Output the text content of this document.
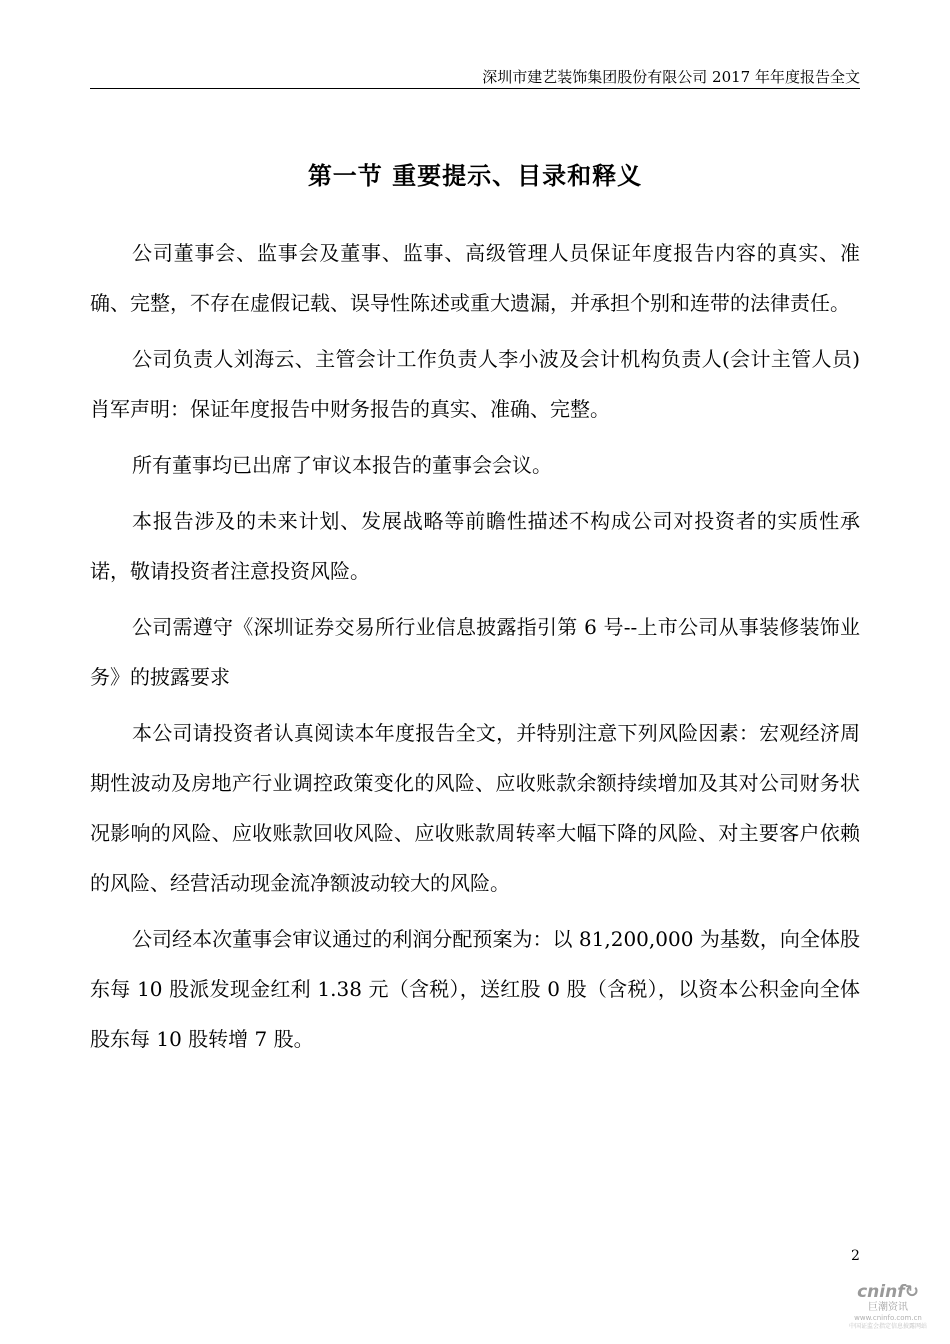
深圳市建艺装饰集团股份有限公司 2017 年年度报告全文
第一节 重要提示、目录和释义

公司董事会、监事会及董事、监事、高级管理人员保证年度报告内容的真实、准确、完整，不存在虚假记载、误导性陈述或重大遗漏，并承担个别和连带的法律责任。

公司负责人刘海云、主管会计工作负责人李小波及会计机构负责人(会计主管人员)肖军声明：保证年度报告中财务报告的真实、准确、完整。

所有董事均已出席了审议本报告的董事会会议。

本报告涉及的未来计划、发展战略等前瞻性描述不构成公司对投资者的实质性承诺，敬请投资者注意投资风险。

公司需遵守《深圳证券交易所行业信息披露指引第 6 号--上市公司从事装修装饰业务》的披露要求

本公司请投资者认真阅读本年度报告全文，并特别注意下列风险因素：宏观经济周期性波动及房地产行业调控政策变化的风险、应收账款余额持续增加及其对公司财务状况影响的风险、应收账款回收风险、应收账款周转率大幅下降的风险、对主要客户依赖的风险、经营活动现金流净额波动较大的风险。

公司经本次董事会审议通过的利润分配预案为：以 81,200,000 为基数，向全体股东每 10 股派发现金红利 1.38 元（含税），送红股 0 股（含税），以资本公积金向全体股东每 10 股转增 7 股。

2
cninf↻
巨潮资讯
www.cninfo.com.cn
中国证监会指定信息披露网站
